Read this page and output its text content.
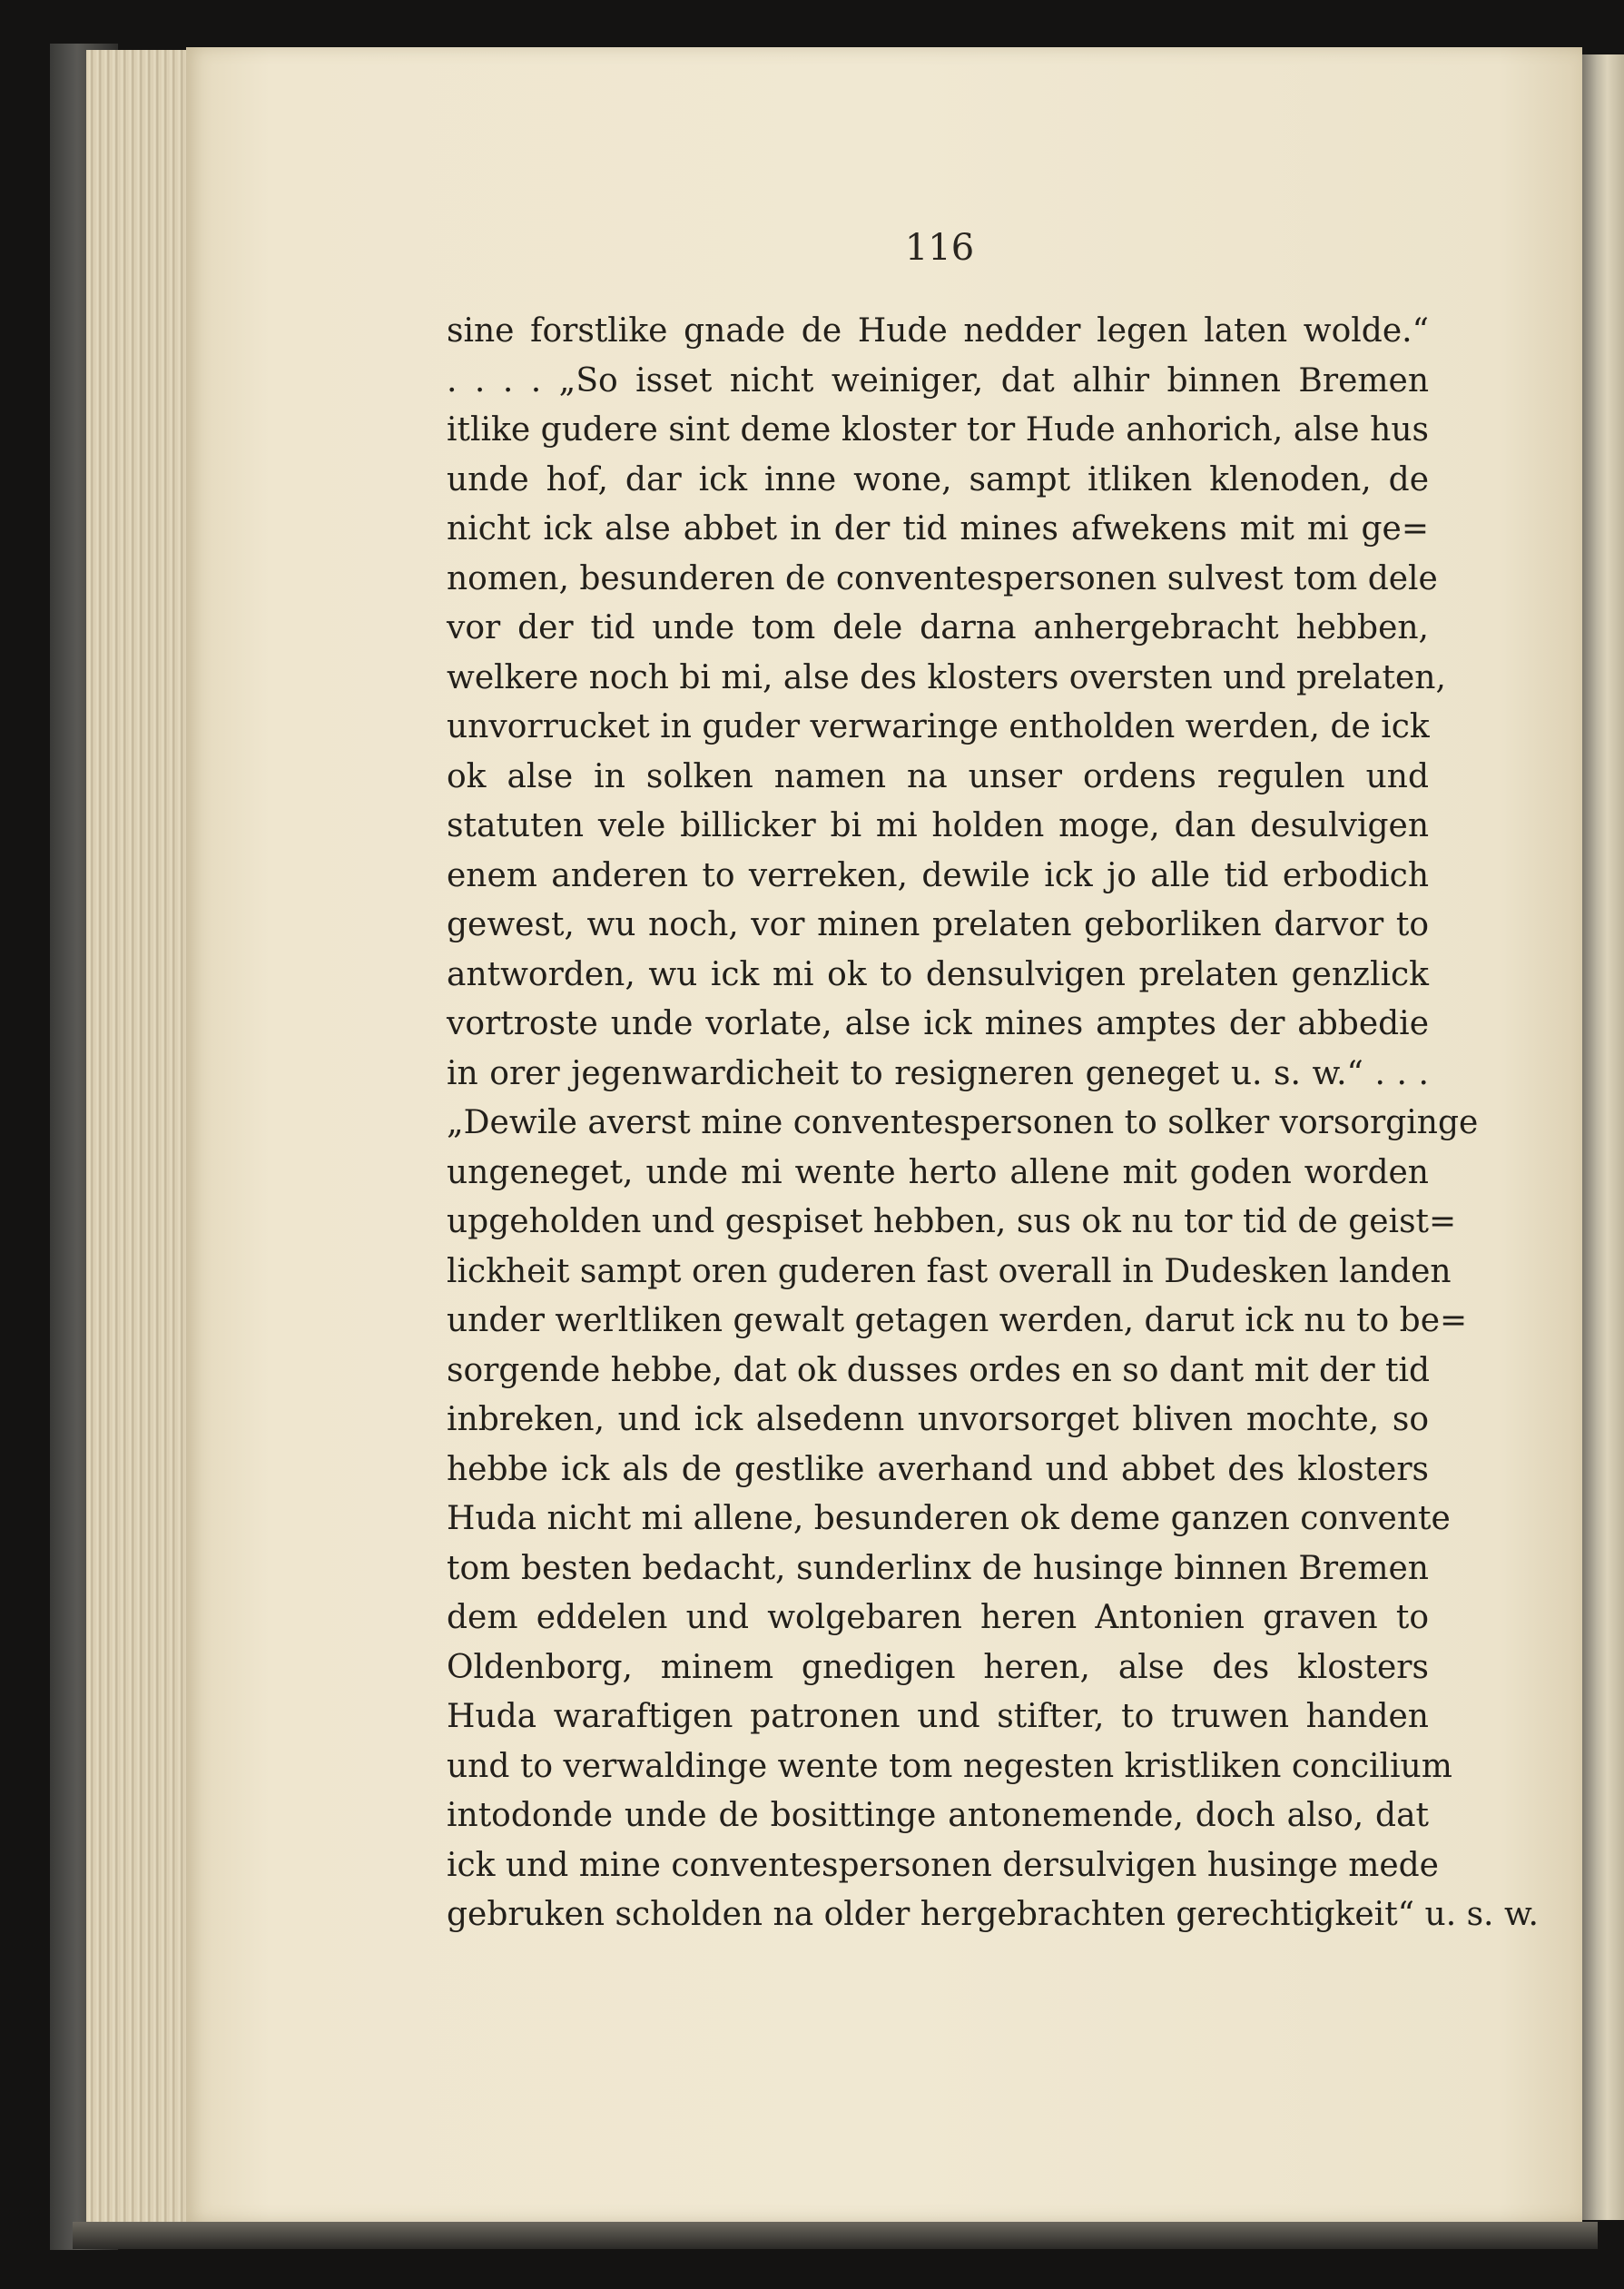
116
sine forstlike gnade de Hude nedder legen laten wolde.“
. . . . „So isset nicht weiniger, dat alhir binnen Bremen
itlike gudere sint deme kloster tor Hude anhorich, alse hus
unde hof, dar ick inne wone, sampt itliken klenoden, de
nicht ick alse abbet in der tid mines afwekens mit mi ge=
nomen, besunderen de conventespersonen sulvest tom dele
vor der tid unde tom dele darna anhergebracht hebben,
welkere noch bi mi, alse des klosters oversten und prelaten,
unvorrucket in guder verwaringe entholden werden, de ick
ok alse in solken namen na unser ordens regulen und
statuten vele billicker bi mi holden moge, dan desulvigen
enem anderen to verreken, dewile ick jo alle tid erbodich
gewest, wu noch, vor minen prelaten geborliken darvor to
antworden, wu ick mi ok to densulvigen prelaten genzlick
vortroste unde vorlate, alse ick mines amptes der abbedie
in orer jegenwardicheit to resigneren geneget u. s. w.“ . . .
„Dewile averst mine conventespersonen to solker vorsorginge
ungeneget, unde mi wente herto allene mit goden worden
upgeholden und gespiset hebben, sus ok nu tor tid de geist=
lickheit sampt oren guderen fast overall in Dudesken landen
under werltliken gewalt getagen werden, darut ick nu to be=
sorgende hebbe, dat ok dusses ordes en so dant mit der tid
inbreken, und ick alsedenn unvorsorget bliven mochte, so
hebbe ick als de gestlike averhand und abbet des klosters
Huda nicht mi allene, besunderen ok deme ganzen convente
tom besten bedacht, sunderlinx de husinge binnen Bremen
dem eddelen und wolgebaren heren Antonien graven to
Oldenborg, minem gnedigen heren, alse des klosters
Huda waraftigen patronen und stifter, to truwen handen
und to verwaldinge wente tom negesten kristliken concilium
intodonde unde de bosittinge antonemende, doch also, dat
ick und mine conventespersonen dersulvigen husinge mede
gebruken scholden na older hergebrachten gerechtigkeit“ u. s. w.
